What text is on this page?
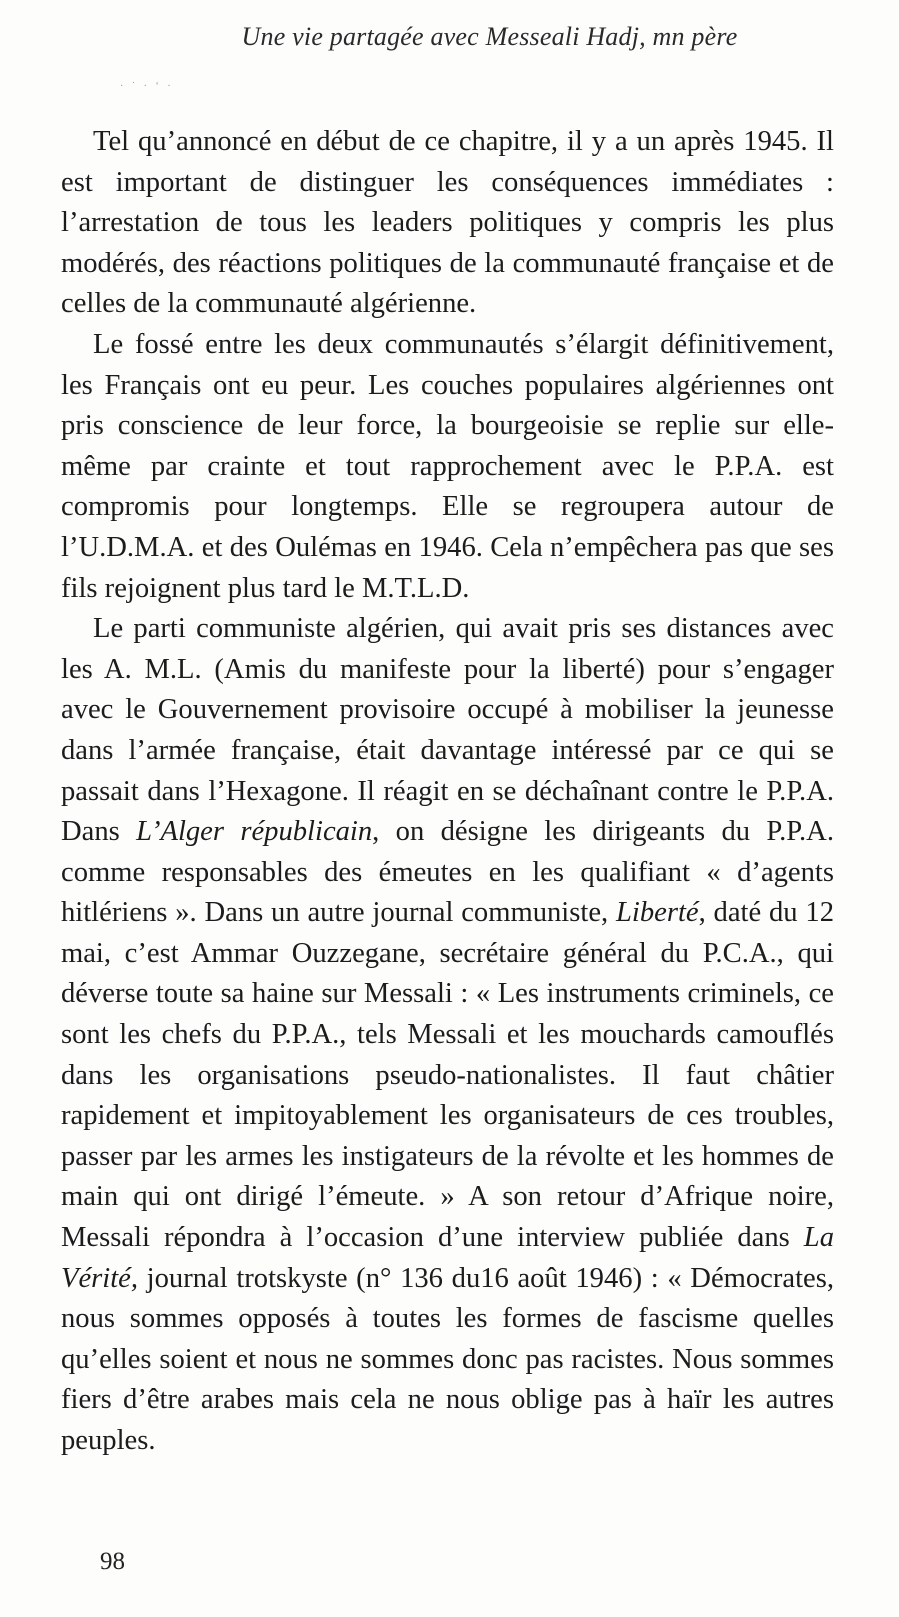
Une vie partagée avec Messeali Hadj, mn père
· ˙ · ‘ ·

Tel qu’annoncé en début de ce chapitre, il y a un après 1945. Il est important de distinguer les conséquences immédiates : l’arrestation de tous les leaders politiques y compris les plus modérés, des réactions politiques de la communauté française et de celles de la communauté algérienne.

Le fossé entre les deux communautés s’élargit définitivement, les Français ont eu peur. Les couches populaires algériennes ont pris conscience de leur force, la bourgeoisie se replie sur elle-même par crainte et tout rapprochement avec le P.P.A. est compromis pour longtemps. Elle se regroupera autour de l’U.D.M.A. et des Oulémas en 1946. Cela n’empêchera pas que ses fils rejoignent plus tard le M.T.L.D.

Le parti communiste algérien, qui avait pris ses distances avec les A. M.L. (Amis du manifeste pour la liberté) pour s’engager avec le Gouvernement provisoire occupé à mobiliser la jeunesse dans l’armée française, était davantage intéressé par ce qui se passait dans l’Hexagone. Il réagit en se déchaînant contre le P.P.A. Dans L’Alger républicain, on désigne les dirigeants du P.P.A. comme responsables des émeutes en les qualifiant « d’agents hitlériens ». Dans un autre journal communiste, Liberté, daté du 12 mai, c’est Ammar Ouzzegane, secrétaire général du P.C.A., qui déverse toute sa haine sur Messali : « Les instruments criminels, ce sont les chefs du P.P.A., tels Messali et les mouchards camouflés dans les organisations pseudo-nationalistes. Il faut châtier rapidement et impitoyablement les organisateurs de ces troubles, passer par les armes les instigateurs de la révolte et les hommes de main qui ont dirigé l’émeute. » A son retour d’Afrique noire, Messali répondra à l’occasion d’une interview publiée dans La Vérité, journal trotskyste (n° 136 du16 août 1946) : « Démocrates, nous sommes opposés à toutes les formes de fascisme quelles qu’elles soient et nous ne sommes donc pas racistes. Nous sommes fiers d’être arabes mais cela ne nous oblige pas à haïr les autres peuples.

98
